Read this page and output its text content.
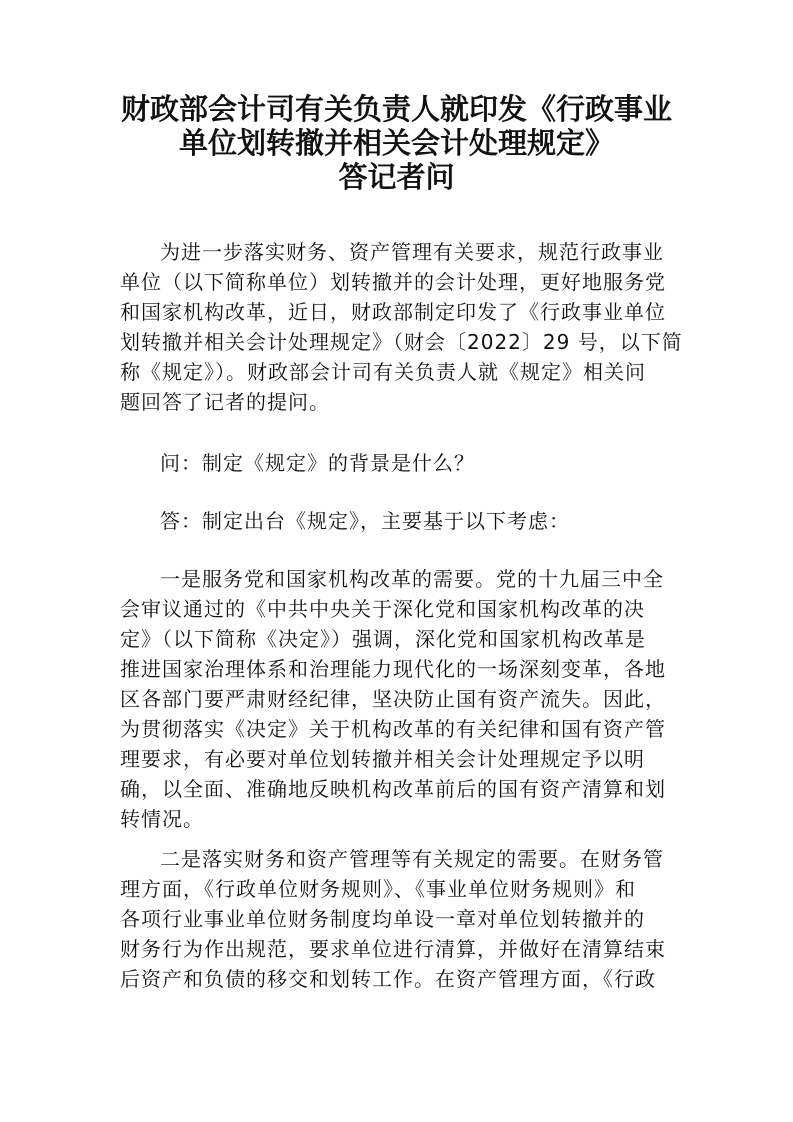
财政部会计司有关负责人就印发《行政事业
单位划转撤并相关会计处理规定》
答记者问
为进一步落实财务、资产管理有关要求，规范行政事业
单位（以下简称单位）划转撤并的会计处理，更好地服务党
和国家机构改革，近日，财政部制定印发了《行政事业单位
划转撤并相关会计处理规定》（财会〔2022〕29 号，以下简
称《规定》）。财政部会计司有关负责人就《规定》相关问
题回答了记者的提问。
问：制定《规定》的背景是什么？
答：制定出台《规定》，主要基于以下考虑：
一是服务党和国家机构改革的需要。党的十九届三中全
会审议通过的《中共中央关于深化党和国家机构改革的决
定》（以下简称《决定》）强调，深化党和国家机构改革是
推进国家治理体系和治理能力现代化的一场深刻变革，各地
区各部门要严肃财经纪律，坚决防止国有资产流失。因此，
为贯彻落实《决定》关于机构改革的有关纪律和国有资产管
理要求，有必要对单位划转撤并相关会计处理规定予以明
确，以全面、准确地反映机构改革前后的国有资产清算和划
转情况。
二是落实财务和资产管理等有关规定的需要。在财务管
理方面，《行政单位财务规则》、《事业单位财务规则》和
各项行业事业单位财务制度均单设一章对单位划转撤并的
财务行为作出规范，要求单位进行清算，并做好在清算结束
后资产和负债的移交和划转工作。在资产管理方面，《行政
